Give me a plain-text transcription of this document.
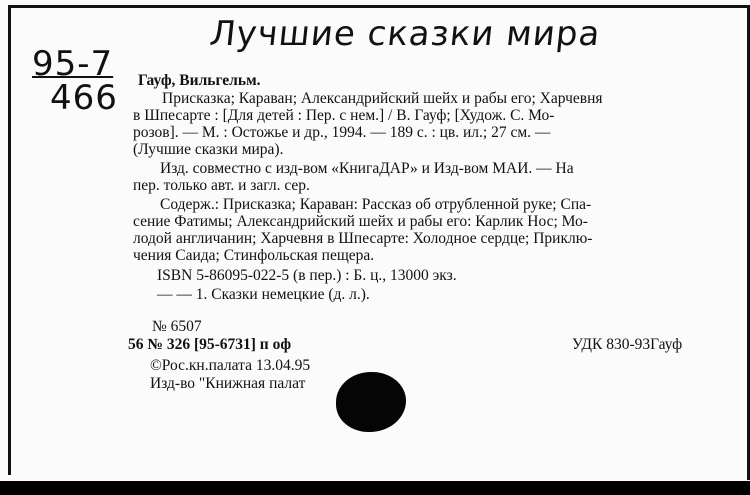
Лучшие сказки мира
95-7
466 Гауф, Вильгельм.
Присказка; Караван; Александрийский шейх и рабы его; Харчевня
в Шпесарте : [Для детей : Пер. с нем.] / В. Гауф; [Худож. С. Мо-
розов]. — М. : Остожье и др., 1994. — 189 с. : цв. ил.; 27 см. —
(Лучшие сказки мира).
Изд. совместно с изд-вом «КнигаДАР» и Изд-вом МАИ. — На
пер. только авт. и загл. сер.
Содерж.: Присказка; Караван: Рассказ об отрубленной руке; Спа-
сение Фатимы; Александрийский шейх и рабы его: Карлик Нос; Мо-
лодой англичанин; Харчевня в Шпесарте: Холодное сердце; Приклю-
чения Саида; Стинфольская пещера.
ISBN 5-86095-022-5 (в пер.) : Б. ц., 13000 экз.
— — 1. Сказки немецкие (д. л.).
№ 6507
56 № 326 [95-6731] п оф	УДК 830-93Гауф
©Рос.кн.палата 13.04.95
Изд-во "Книжная палат
